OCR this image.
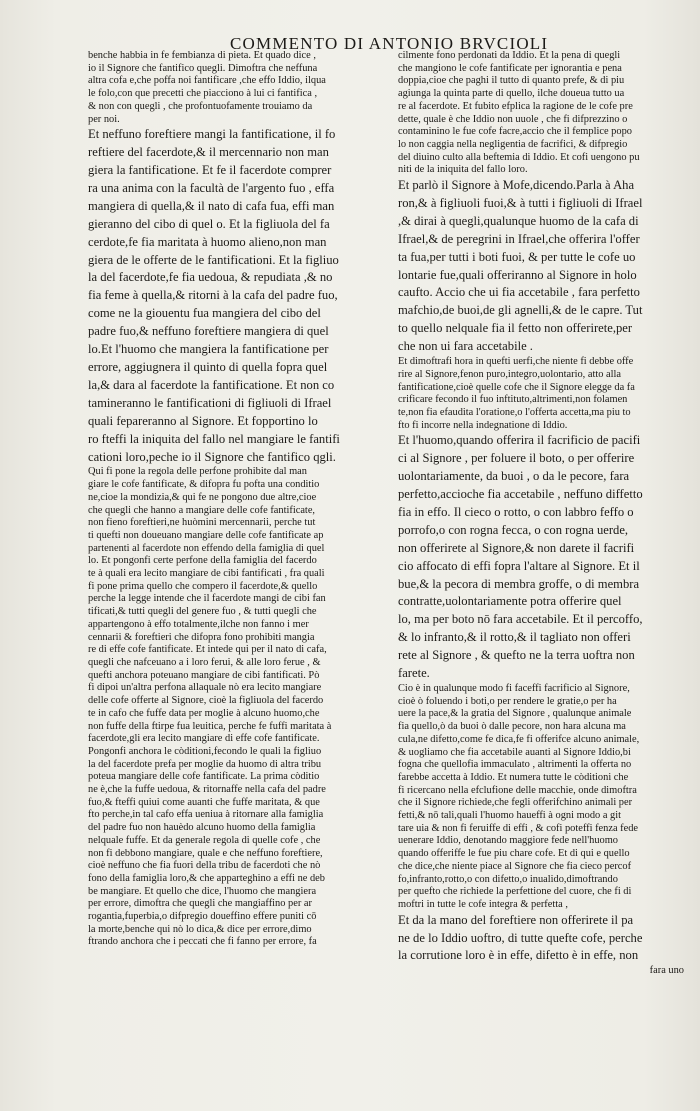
COMMENTO DI ANTONIO BRVCIOLI
benche habbia in fe fembianza di pieta. Et quado dice ,
io il Signore che fantifico quegli. Dimoftra che neffuna
altra cofa e,che poffa noi fantificare ,che effo Iddio, ilqua
le folo,con que precetti che piacciono à lui ci fantifica ,
& non con quegli , che profontuofamente trouiamo da
per noi.
Et neffuno foreftiere mangi la fantificatione, il fo
reftiere del facerdote,& il mercennario non man
giera la fantificatione. Et fe il facerdote comprer
ra una anima con la facultà de l'argento fuo , effa
mangiera di quella,& il nato di cafa fua, effi man
gieranno del cibo di quel o. Et la figliuola del fa
cerdote,fe fia maritata à huomo alieno,non man
giera de le offerte de le fantificationi. Et la figliuo
la del facerdote,fe fia uedoua, & repudiata ,& no
fia feme à quella,& ritorni à la cafa del padre fuo,
come ne la giouentu fua mangiera del cibo del
padre fuo,& neffuno foreftiere mangiera di quel
lo.Et l'huomo che mangiera la fantificatione per
errore, aggiugnera il quinto di quella fopra quel
la,& dara al facerdote la fantificatione. Et non co
tamineranno le fantificationi di figliuoli di Ifrael
quali fepareranno al Signore. Et fopportino lo
ro fteffi la iniquita del fallo nel mangiare le fantifi
cationi loro,peche io il Signore che fantifico qgli.
Qui fi pone la regola delle perfone prohibite dal man
giare le cofe fantificate, & difopra fu pofta una conditio
ne,cioe la mondizia,& qui fe ne pongono due altre,cioe
che quegli che hanno a mangiare delle cofe fantificate,
non fieno foreftieri,ne huòmini mercennarii, perche tut
ti quefti non doueuano mangiare delle cofe fantificate ap
partenenti al facerdote non effendo della famiglia di quel
lo. Et pongonfi certe perfone della famiglia del facerdo
te à quali era lecito mangiare de cibi fantificati , fra quali
fi pone prima quello che compero il facerdote,& quello
perche la legge intende che il facerdote mangi de cibi fan
tificati,& tutti quegli del genere fuo , & tutti quegli che
appartengono à effo totalmente,ilche non fanno i mer
cennarii & foreftieri che difopra fono prohibiti mangia
re di effe cofe fantificate. Et intede qui per il nato di cafa,
quegli che nafceuano a i loro ferui, & alle loro ferue , &
quefti anchora poteuano mangiare de cibi fantificati. Pò
fi dipoi un'altra perfona allaquale nò era lecito mangiare
delle cofe offerte al Signore, cioè la figliuola del facerdo
te in cafo che fuffe data per moglie à alcuno huomo,che
non fuffe della ftirpe fua leuitica, perche fe fuffi maritata à
facerdote,gli era lecito mangiare di effe cofe fantificate.
Pongonfi anchora le còditioni,fecondo le quali la figliuo
la del facerdote prefa per moglie da huomo di altra tribu
poteua mangiare delle cofe fantificate. La prima còditio
ne è,che la fuffe uedoua, & ritornaffe nella cafa del padre
fuo,& fteffi quiui come auanti che fuffe maritata, & que
fto perche,in tal cafo effa ueniua à ritornare alla famiglia
del padre fuo non hauèdo alcuno huomo della famiglia
nelquale fuffe. Et da generale regola di quelle cofe , che
non fi debbono mangiare, quale e che neffuno foreftiere,
cioè neffuno che fia fuori della tribu de facerdoti che nò
fono della famiglia loro,& che apparteghino a effi ne deb
be mangiare. Et quello che dice, l'huomo che mangiera
per errore, dimoftra che quegli che mangiaffino per ar
rogantia,fuperbia,o difpregio doueffino effere puniti cō
la morte,benche qui nò lo dica,& dice per errore,dimo
ftrando anchora che i peccati che fi fanno per errore, fa
cilmente fono perdonati da Iddio. Et la pena di quegli
che mangiono le cofe fantificate per ignorantia e pena
doppia,cioe che paghi il tutto di quanto prefe, & di piu
agiunga la quinta parte di quello, ilche doueua tutto ua
re al facerdote. Et fubito efplica la ragione de le cofe pre
dette, quale è che Iddio non uuole , che fi difprezzino o
contaminino le fue cofe facre,accio che il femplice popo
lo non caggia nella negligentia de facrifici, & difpregio
del diuino culto alla beftemia di Iddio. Et cofi uengono pu
niti de la iniquita del fallo loro.
Et parlò il Signore à Mofe,dicendo.Parla à Aha
ron,& à figliuoli fuoi,& à tutti i figliuoli di Ifrael
,& dirai à quegli,qualunque huomo de la cafa di
Ifrael,& de peregrini in Ifrael,che offerira l'offer
ta fua,per tutti i boti fuoi, & per tutte le cofe uo
lontarie fue,quali offeriranno al Signore in holo
caufto. Accio che ui fia accetabile , fara perfetto
mafchio,de buoi,de gli agnelli,& de le capre. Tut
to quello nelquale fia il fetto non offerirete,per
che non ui fara accetabile .
Et dimoftrafi hora in quefti uerfi,che niente fi debbe offe
rire al Signore,fenon puro,integro,uolontario, atto alla
fantificatione,cioè quelle cofe che il Signore elegge da fa
crificare fecondo il fuo inftituto,altrimenti,non folamen
te,non fia efaudita l'oratione,o l'offerta accetta,ma piu to
fto fi incorre nella indegnatione di Iddio.
Et l'huomo,quando offerira il facrificio de pacifi
ci al Signore , per foluere il boto, o per offerire
uolontariamente, da buoi , o da le pecore, fara
perfetto,accioche fia accetabile , neffuno diffetto
fia in effo. Il cieco o rotto, o con labbro feffo o
porrofo,o con rogna fecca, o con rogna uerde,
non offerirete al Signore,& non darete il facrifi
cio affocato di effi fopra l'altare al Signore. Et il
bue,& la pecora di membra groffe, o di membra
contratte,uolontariamente potra offerire quel
lo, ma per boto nō fara accetabile. Et il percoffo,
& lo infranto,& il rotto,& il tagliato non offeri
rete al Signore , & quefto ne la terra uoftra non
farete.
Cio è in qualunque modo fi faceffi facrificio al Signore,
cioè ò foluendo i boti,o per rendere le gratie,o per ha
uere la pace,& la gratia del Signore , qualunque animale
fia quello,ò da buoi ò dalle pecore, non hara alcuna ma
cula,ne difetto,come fe dica,fe fi offerifce alcuno animale,
& uogliamo che fia accetabile auanti al Signore Iddio,bi
fogna che quellofia immaculato , altrimenti la offerta no
farebbe accetta à Iddio. Et numera tutte le còditioni che
fi ricercano nella efclufione delle macchie, onde dimoftra
che il Signore richiede,che fegli offerifchino animali per
fetti,& nō tali,quali l'huomo haueffi à ogni modo a git
tare uia & non fi feruiffe di effi , & cofi poteffi fenza fede
uenerare Iddio, denotando maggiore fede nell'huomo
quando offeriffe le fue piu chare cofe. Et di qui e quello
che dice,che niente piace al Signore che fia cieco percof
fo,infranto,rotto,o con difetto,o inualido,dimoftrando
per quefto che richiede la perfettione del cuore, che fi di
moftri in tutte le cofe integra & perfetta ,
Et da la mano del foreftiere non offerirete il pa
ne de lo Iddio uoftro, di tutte quefte cofe, perche
la corrutione loro è in effe, difetto è in effe, non
fara uno
